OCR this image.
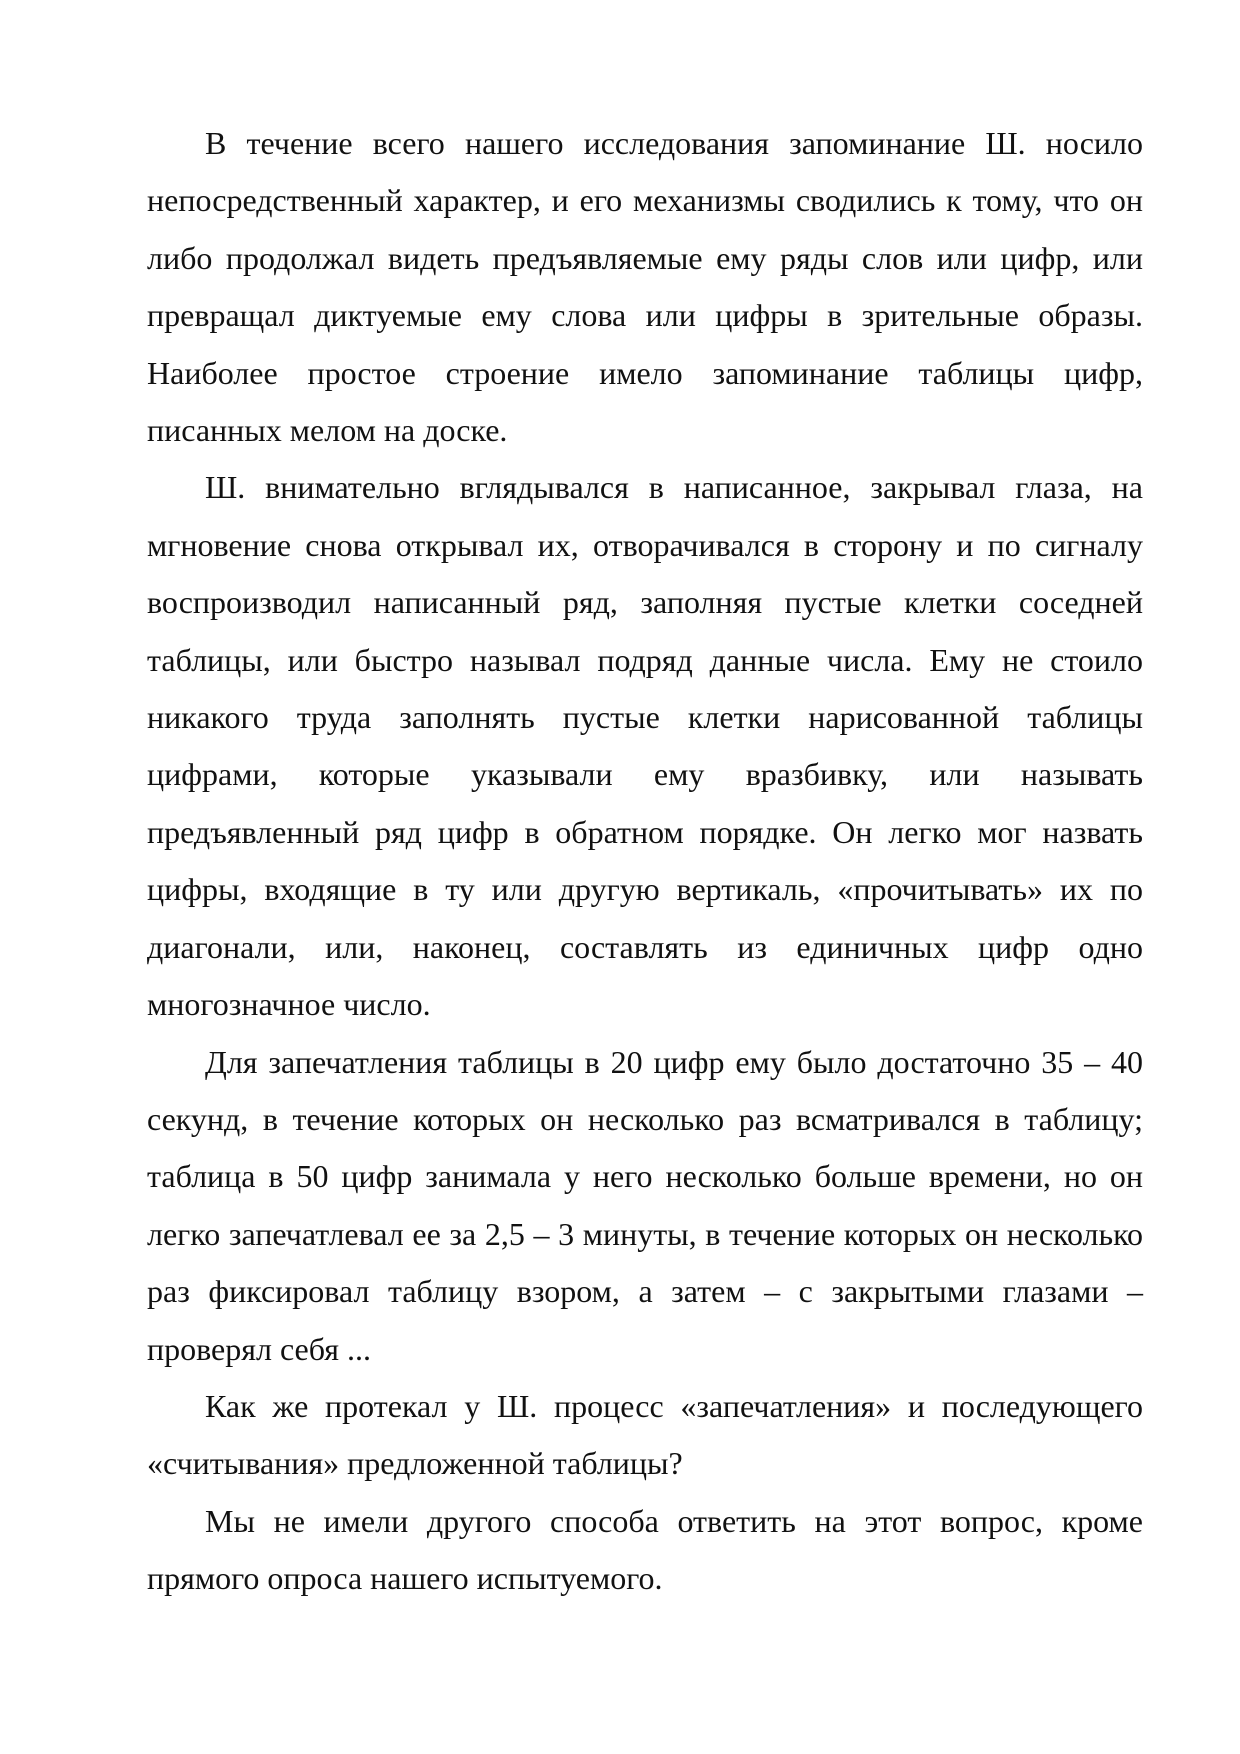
В течение всего нашего исследования запоминание Ш. носило непосредственный характер, и его механизмы сводились к тому, что он либо продолжал видеть предъявляемые ему ряды слов или цифр, или превращал диктуемые ему слова или цифры в зрительные образы. Наиболее простое строение имело запоминание таблицы цифр, писанных мелом на доске.

Ш. внимательно вглядывался в написанное, закрывал глаза, на мгновение снова открывал их, отворачивался в сторону и по сигналу воспроизводил написанный ряд, заполняя пустые клетки соседней таблицы, или быстро называл подряд данные числа. Ему не стоило никакого труда заполнять пустые клетки нарисованной таблицы цифрами, которые указывали ему вразбивку, или называть предъявленный ряд цифр в обратном порядке. Он легко мог назвать цифры, входящие в ту или другую вертикаль, «прочитывать» их по диагонали, или, наконец, составлять из единичных цифр одно многозначное число.

Для запечатления таблицы в 20 цифр ему было достаточно 35 – 40 секунд, в течение которых он несколько раз всматривался в таблицу; таблица в 50 цифр занимала у него несколько больше времени, но он легко запечатлевал ее за 2,5 – 3 минуты, в течение которых он несколько раз фиксировал таблицу взором, а затем – с закрытыми глазами – проверял себя ...

Как же протекал у Ш. процесс «запечатления» и последующего «считывания» предложенной таблицы?

Мы не имели другого способа ответить на этот вопрос, кроме прямого опроса нашего испытуемого.
